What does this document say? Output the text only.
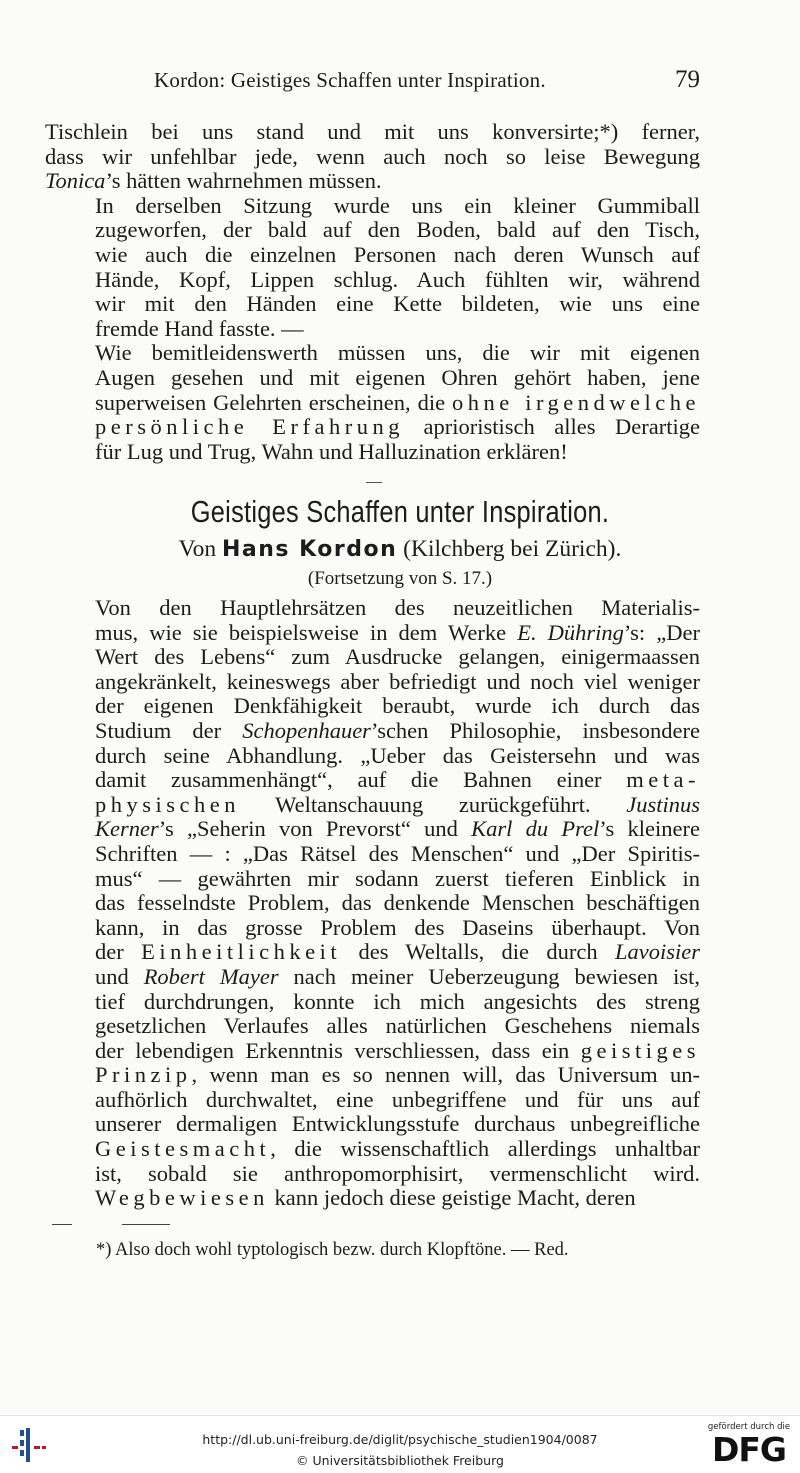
Kordon: Geistiges Schaffen unter Inspiration.	79

Tischlein bei uns stand und mit uns konversirte;*) ferner,
dass wir unfehlbar jede, wenn auch noch so leise Bewegung
Tonica’s hätten wahrnehmen müssen.

In derselben Sitzung wurde uns ein kleiner Gummiball
zugeworfen, der bald auf den Boden, bald auf den Tisch,
wie auch die einzelnen Personen nach deren Wunsch auf
Hände, Kopf, Lippen schlug. Auch fühlten wir, während
wir mit den Händen eine Kette bildeten, wie uns eine
fremde Hand fasste. —

Wie bemitleidenswerth müssen uns, die wir mit eigenen
Augen gesehen und mit eigenen Ohren gehört haben, jene
superweisen Gelehrten erscheinen, die ohne irgendwelche
persönliche Erfahrung aprioristisch alles Derartige
für Lug und Trug, Wahn und Halluzination erklären!

Geistiges Schaffen unter Inspiration.
Von Hans Kordon (Kilchberg bei Zürich).
(Fortsetzung von S. 17.)

Von den Hauptlehrsätzen des neuzeitlichen Materialis-
mus, wie sie beispielsweise in dem Werke E. Dühring’s: „Der
Wert des Lebens“ zum Ausdrucke gelangen, einigermaassen
angekränkelt, keineswegs aber befriedigt und noch viel weniger
der eigenen Denkfähigkeit beraubt, wurde ich durch das
Studium der Schopenhauer’schen Philosophie, insbesondere
durch seine Abhandlung. „Ueber das Geistersehn und was
damit zusammenhängt“, auf die Bahnen einer meta-
physischen Weltanschauung zurückgeführt. Justinus
Kerner’s „Seherin von Prevorst“ und Karl du Prel’s kleinere
Schriften — : „Das Rätsel des Menschen“ und „Der Spiritis-
mus“ — gewährten mir sodann zuerst tieferen Einblick in
das fesselndste Problem, das denkende Menschen beschäftigen
kann, in das grosse Problem des Daseins überhaupt. Von
der Einheitlichkeit des Weltalls, die durch Lavoisier
und Robert Mayer nach meiner Ueberzeugung bewiesen ist,
tief durchdrungen, konnte ich mich angesichts des streng
gesetzlichen Verlaufes alles natürlichen Geschehens niemals
der lebendigen Erkenntnis verschliessen, dass ein geistiges
Prinzip, wenn man es so nennen will, das Universum un-
aufhörlich durchwaltet, eine unbegriffene und für uns auf
unserer dermaligen Entwicklungsstufe durchaus unbegreifliche
Geistesmacht, die wissenschaftlich allerdings unhaltbar
ist, sobald sie anthropomorphisirt, vermenschlicht wird.
Wegbewiesen kann jedoch diese geistige Macht, deren

*) Also doch wohl typtologisch bezw. durch Klopftöne. — Red.
http://dl.ub.uni-freiburg.de/diglit/psychische_studien1904/0087
© Universitätsbibliothek Freiburg
gefördert durch die
DFG
